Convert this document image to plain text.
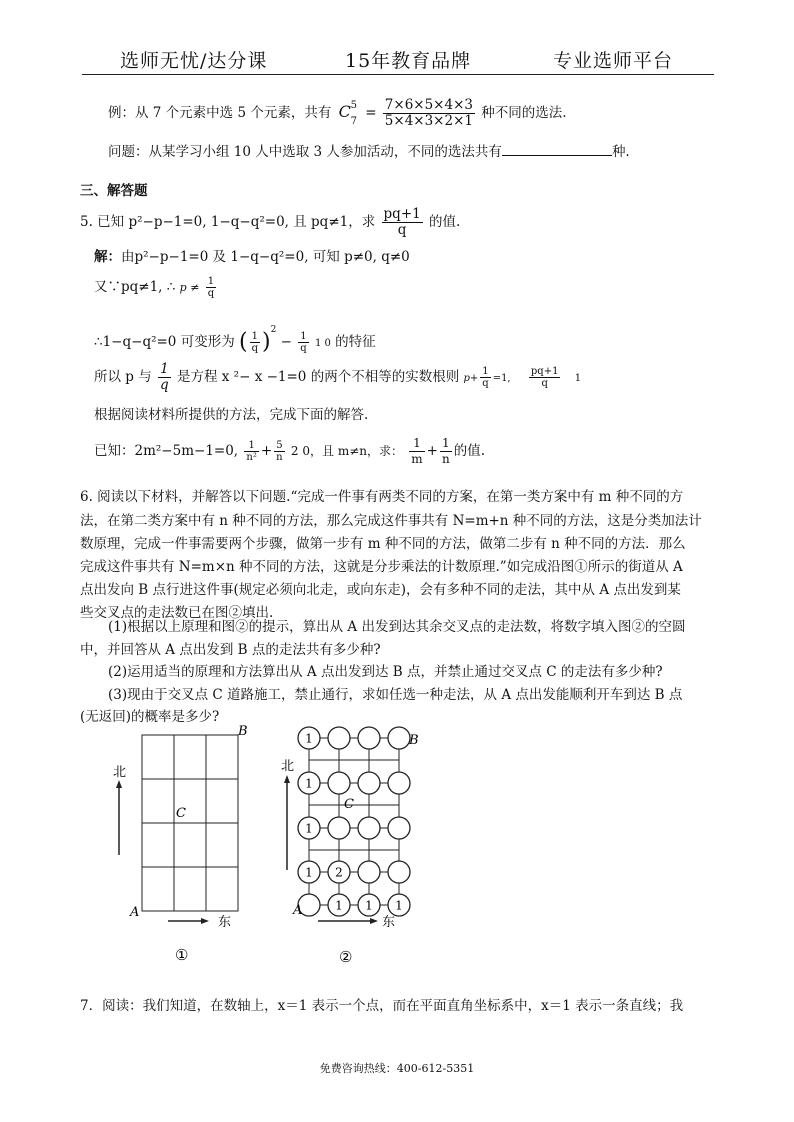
选师无忧/达分课	15年教育品牌	专业选师平台
例：从 7 个元素中选 5 个元素，共有 C 5
7
= $\frac{7\times 6\times 5\times 4\times 3}{5\times 4\times 3\times 2\times 1}$ 种不同的选法.
问题：从某学习小组 10 人中选取 3 人参加活动，不同的选法共有	种.
三、解答题
5. 已知 p²−p−1=0, 1−q−q²=0, 且 pq≠1，求 $\frac{pq+1}{q}$ 的值.
解：由p²−p−1=0 及 1−q−q²=0, 可知 p≠0, q≠0
又∵pq≠1, ∴ $p \ne \frac{1}{q}$
∴1−q−q²=0 可变形为 ( $\frac{1}{q} )^2 - \frac{1}{q} 1$ 0 的特征
所以 p 与 $\frac{1}{q}$ 是方程 x ²− x −1=0 的两个不相等的实数根则 $p+ \frac{1}{q} =1$, $\frac{pq+1}{q} 1$
根据阅读材料所提供的方法，完成下面的解答.
已知：2m²−5m−1=0, $\frac{1}{\text{n²}} + \frac{5}{n} 2$ 0，且 m≠n，求： $\frac{1}{m} + \frac{1}{n}$ 的值.
6. 阅读以下材料，并解答以下问题.“完成一件事有两类不同的方案，在第一类方案中有 m 种不同的方
法，在第二类方案中有 n 种不同的方法，那么完成这件事共有 N=m+n 种不同的方法，这是分类加法计
数原理，完成一件事需要两个步骤，做第一步有 m 种不同的方法，做第二步有 n 种不同的方法．那么
完成这件事共有 N=m×n 种不同的方法，这就是分步乘法的计数原理.”如完成沿图①所示的街道从 A
点出发向 B 点行进这件事(规定必须向北走，或向东走)，会有多种不同的走法，其中从 A 点出发到某
些交叉点的走法数已在图②填出.
(1)根据以上原理和图②的提示，算出从 A 出发到达其余交叉点的走法数，将数字填入图②的空圆
中，并回答从 A 点出发到 B 点的走法共有多少种?
(2)运用适当的原理和方法算出从 A 点出发到达 B 点，并禁止通过交叉点 C 的走法有多少种?
(3)现由于交叉点 C 道路施工，禁止通行，求如任选一种走法，从 A 点出发能顺利开车到达 B 点
(无返回)的概率是多少?
B
A
C
北
东
①
1
1
1
1 2
1 1 1
B
A
C
北
东
②
7．阅读：我们知道，在数轴上，x＝1 表示一个点，而在平面直角坐标系中，x＝1 表示一条直线；我
免费咨询热线：400-612-5351
